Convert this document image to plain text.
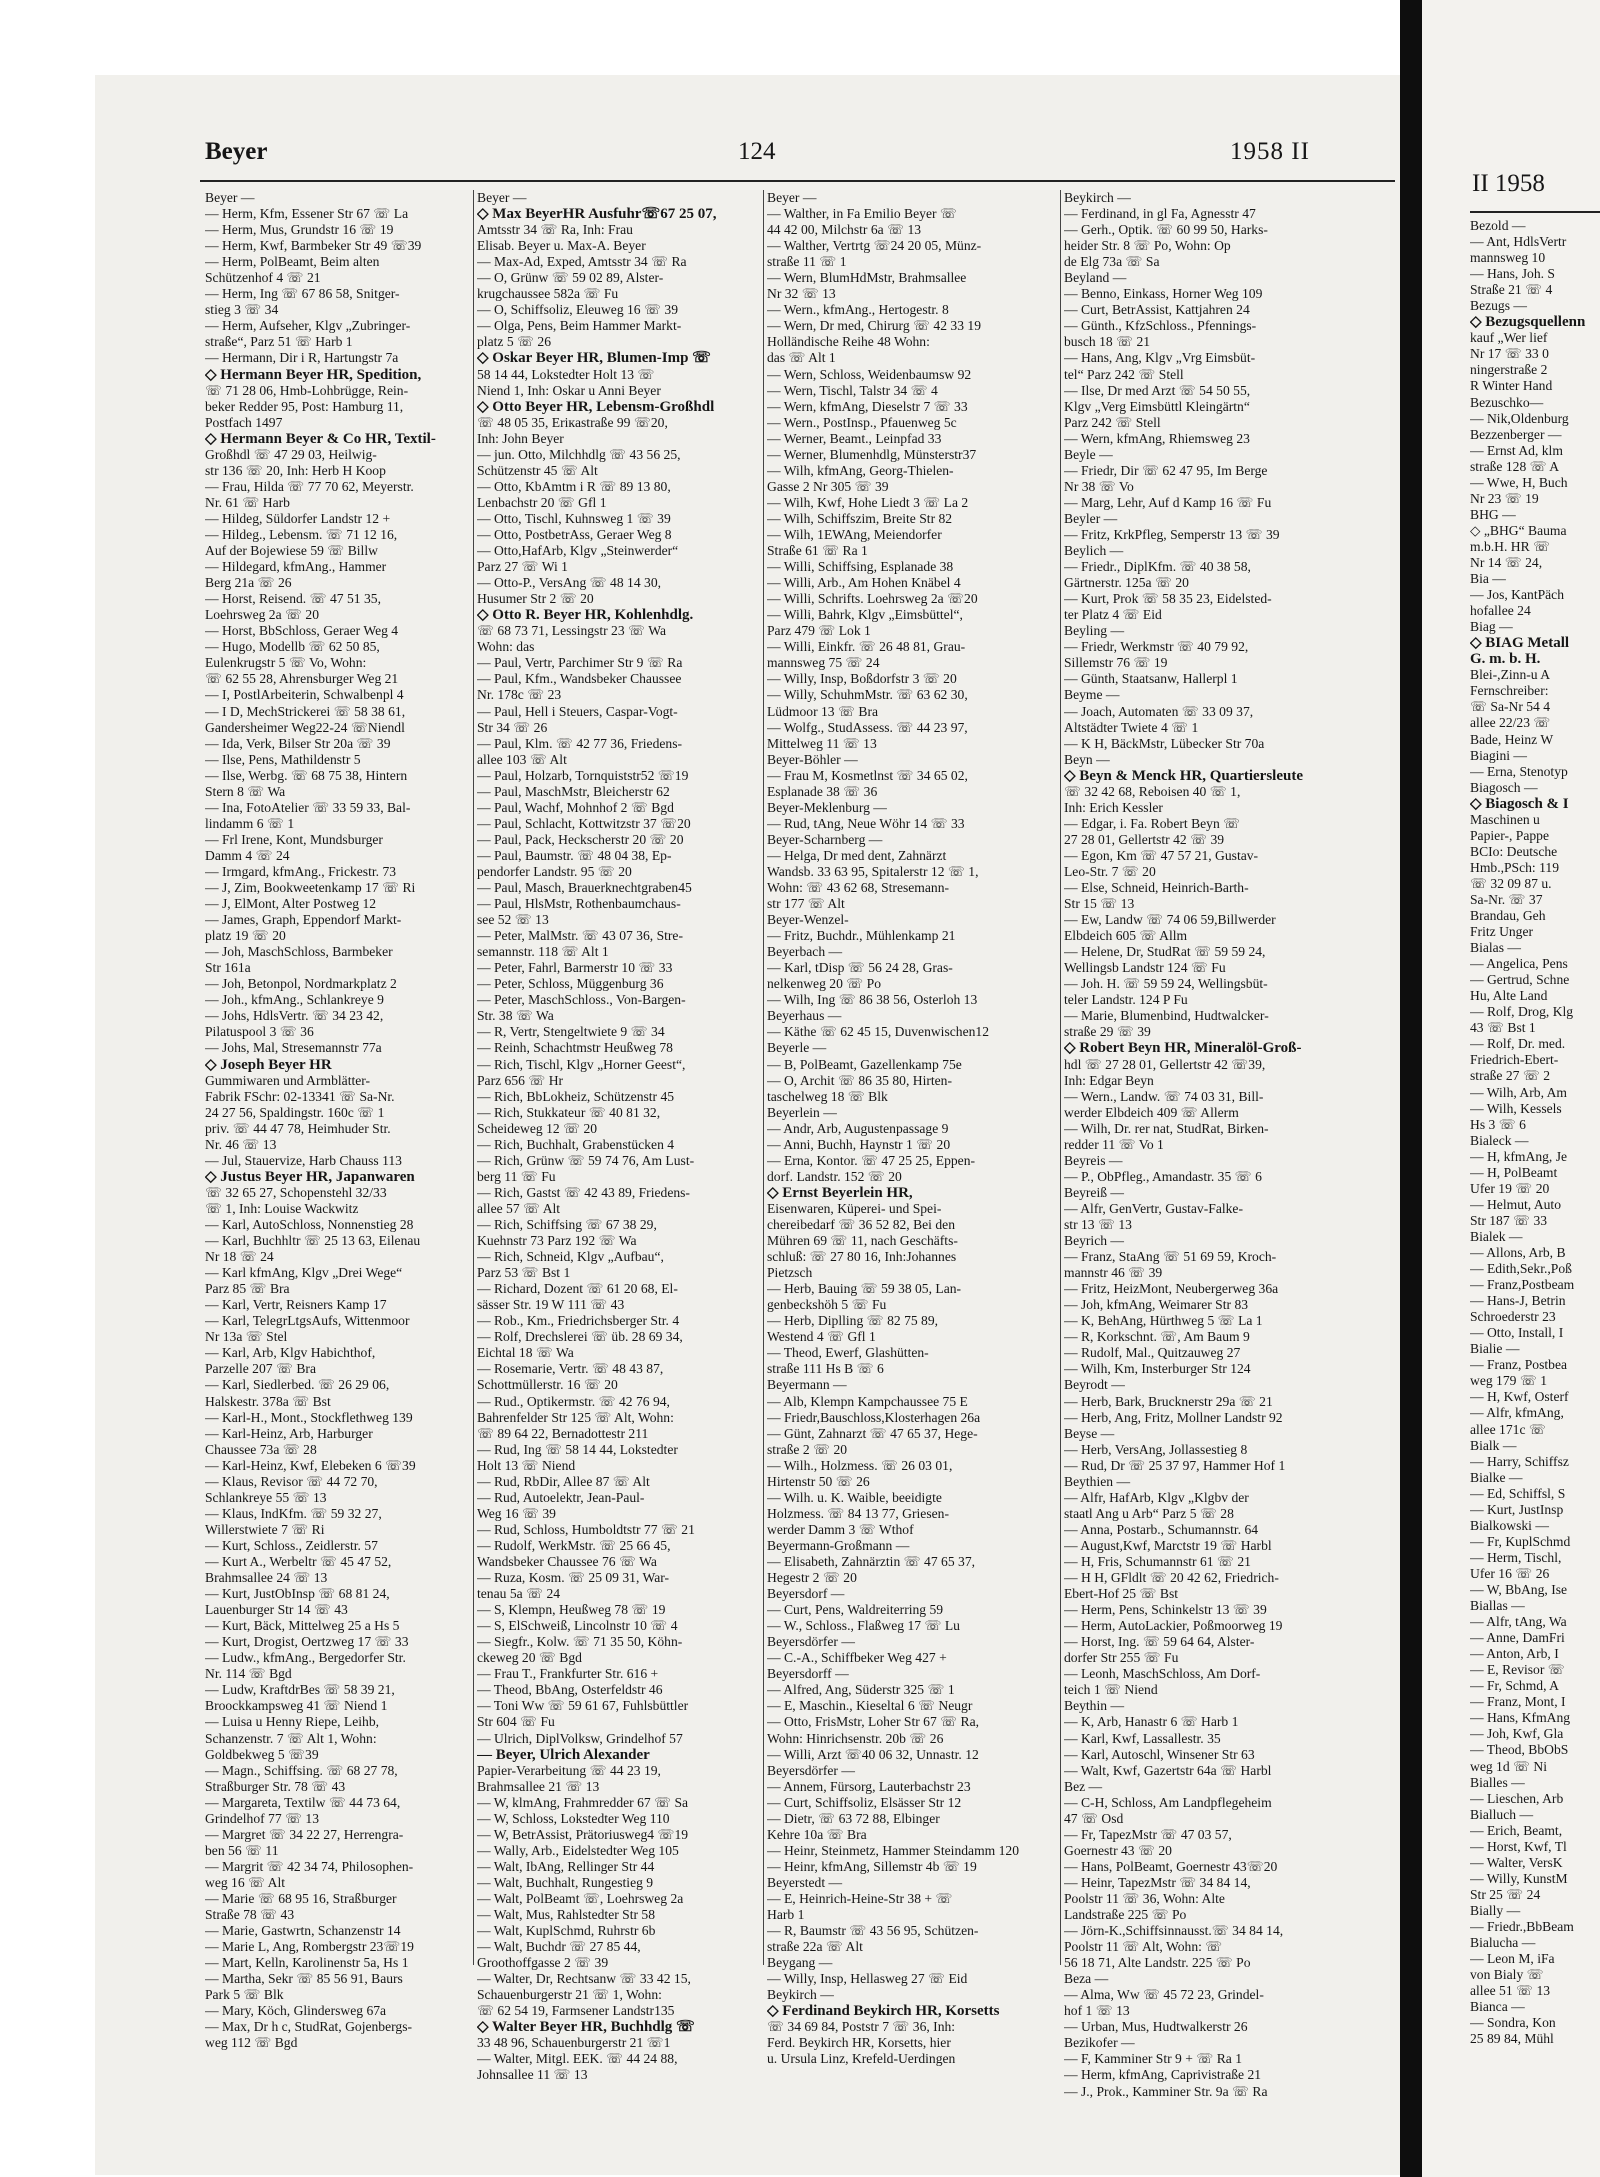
Beyer	124	1958 II
Beyer —
— Herm, Kfm, Essener Str 67 ☏ La
— Herm, Mus, Grundstr 16 ☏ 19
— Herm, Kwf, Barmbeker Str 49 ☏39
— Herm, PolBeamt, Beim alten
Schützenhof 4 ☏ 21
— Herm, Ing ☏ 67 86 58, Snitger-
stieg 3 ☏ 34
— Herm, Aufseher, Klgv „Zubringer-
straße“, Parz 51 ☏ Harb 1
— Hermann, Dir i R, Hartungstr 7a
◇ Hermann Beyer HR, Spedition,
☏ 71 28 06, Hmb-Lohbrügge, Rein-
beker Redder 95, Post: Hamburg 11,
Postfach 1497
◇ Hermann Beyer & Co HR, Textil-
Großhdl ☏ 47 29 03, Heilwig-
str 136 ☏ 20, Inh: Herb H Koop
— Frau, Hilda ☏ 77 70 62, Meyerstr.
Nr. 61 ☏ Harb
— Hildeg, Süldorfer Landstr 12 +
— Hildeg., Lebensm. ☏ 71 12 16,
Auf der Bojewiese 59 ☏ Billw
— Hildegard, kfmAng., Hammer
Berg 21a ☏ 26
— Horst, Reisend. ☏ 47 51 35,
Loehrsweg 2a ☏ 20
— Horst, BbSchloss, Geraer Weg 4
— Hugo, Modellb ☏ 62 50 85,
Eulenkrugstr 5 ☏ Vo, Wohn:
☏ 62 55 28, Ahrensburger Weg 21
— I, PostlArbeiterin, Schwalbenpl 4
— I D, MechStrickerei ☏ 58 38 61,
Gandersheimer Weg22-24 ☏Niendl
— Ida, Verk, Bilser Str 20a ☏ 39
— Ilse, Pens, Mathildenstr 5
— Ilse, Werbg. ☏ 68 75 38, Hintern
Stern 8 ☏ Wa
— Ina, FotoAtelier ☏ 33 59 33, Bal-
lindamm 6 ☏ 1
— Frl Irene, Kont, Mundsburger
Damm 4 ☏ 24
— Irmgard, kfmAng., Frickestr. 73
— J, Zim, Bookweetenkamp 17 ☏ Ri
— J, ElMont, Alter Postweg 12
— James, Graph, Eppendorf Markt-
platz 19 ☏ 20
— Joh, MaschSchloss, Barmbeker
Str 161a
— Joh, Betonpol, Nordmarkplatz 2
— Joh., kfmAng., Schlankreye 9
— Johs, HdlsVertr. ☏ 34 23 42,
Pilatuspool 3 ☏ 36
— Johs, Mal, Stresemannstr 77a
◇ Joseph Beyer HR
Gummiwaren und Armblätter-
Fabrik FSchr: 02-13341 ☏ Sa-Nr.
24 27 56, Spaldingstr. 160c ☏ 1
priv. ☏ 44 47 78, Heimhuder Str.
Nr. 46 ☏ 13
— Jul, Stauervize, Harb Chauss 113
◇ Justus Beyer HR, Japanwaren
☏ 32 65 27, Schopenstehl 32/33
☏ 1, Inh: Louise Wackwitz
— Karl, AutoSchloss, Nonnenstieg 28
— Karl, Buchhltr ☏ 25 13 63, Eilenau
Nr 18 ☏ 24
— Karl kfmAng, Klgv „Drei Wege“
Parz 85 ☏ Bra
— Karl, Vertr, Reisners Kamp 17
— Karl, TelegrLtgsAufs, Wittenmoor
Nr 13a ☏ Stel
— Karl, Arb, Klgv Habichthof,
Parzelle 207 ☏ Bra
— Karl, Siedlerbed. ☏ 26 29 06,
Halskestr. 378a ☏ Bst
— Karl-H., Mont., Stockflethweg 139
— Karl-Heinz, Arb, Harburger
Chaussee 73a ☏ 28
— Karl-Heinz, Kwf, Elebeken 6 ☏39
— Klaus, Revisor ☏ 44 72 70,
Schlankreye 55 ☏ 13
— Klaus, IndKfm. ☏ 59 32 27,
Willerstwiete 7 ☏ Ri
— Kurt, Schloss., Zeidlerstr. 57
— Kurt A., Werbeltr ☏ 45 47 52,
Brahmsallee 24 ☏ 13
— Kurt, JustObInsp ☏ 68 81 24,
Lauenburger Str 14 ☏ 43
— Kurt, Bäck, Mittelweg 25 a Hs 5
— Kurt, Drogist, Oertzweg 17 ☏ 33
— Ludw., kfmAng., Bergedorfer Str.
Nr. 114 ☏ Bgd
— Ludw, KraftdrBes ☏ 58 39 21,
Broockkampsweg 41 ☏ Niend 1
— Luisa u Henny Riepe, Leihb,
Schanzenstr. 7 ☏ Alt 1, Wohn:
Goldbekweg 5 ☏39
— Magn., Schiffsing. ☏ 68 27 78,
Straßburger Str. 78 ☏ 43
— Margareta, Textilw ☏ 44 73 64,
Grindelhof 77 ☏ 13
— Margret ☏ 34 22 27, Herrengra-
ben 56 ☏ 11
— Margrit ☏ 42 34 74, Philosophen-
weg 16 ☏ Alt
— Marie ☏ 68 95 16, Straßburger
Straße 78 ☏ 43
— Marie, Gastwrtn, Schanzenstr 14
— Marie L, Ang, Rombergstr 23☏19
— Mart, Kelln, Karolinenstr 5a, Hs 1
— Martha, Sekr ☏ 85 56 91, Baurs
Park 5 ☏ Blk
— Mary, Köch, Glindersweg 67a
— Max, Dr h c, StudRat, Gojenbergs-
weg 112 ☏ Bgd
Beyer —
◇ Max BeyerHR Ausfuhr☏67 25 07,
Amtsstr 34 ☏ Ra, Inh: Frau
Elisab. Beyer u. Max-A. Beyer
— Max-Ad, Exped, Amtsstr 34 ☏ Ra
— O, Grünw ☏ 59 02 89, Alster-
krugchaussee 582a ☏ Fu
— O, Schiffsoliz, Eleuweg 16 ☏ 39
— Olga, Pens, Beim Hammer Markt-
platz 5 ☏ 26
◇ Oskar Beyer HR, Blumen-Imp ☏
58 14 44, Lokstedter Holt 13 ☏
Niend 1, Inh: Oskar u Anni Beyer
◇ Otto Beyer HR, Lebensm-Großhdl
☏ 48 05 35, Eriкastraße 99 ☏20,
Inh: John Beyer
— jun. Otto, Milchhdlg ☏ 43 56 25,
Schützenstr 45 ☏ Alt
— Otto, KbAmtm i R ☏ 89 13 80,
Lenbachstr 20 ☏ Gfl 1
— Otto, Tischl, Kuhnsweg 1 ☏ 39
— Otto, PostbetrAss, Geraer Weg 8
— Otto,HafArb, Klgv „Steinwerder“
Parz 27 ☏ Wi 1
— Otto-P., VersAng ☏ 48 14 30,
Husumer Str 2 ☏ 20
◇ Otto R. Beyer HR, Kohlenhdlg.
☏ 68 73 71, Lessingstr 23 ☏ Wa
Wohn: das
— Paul, Vertr, Parchimer Str 9 ☏ Ra
— Paul, Kfm., Wandsbeker Chaussee
Nr. 178c ☏ 23
— Paul, Hell i Steuers, Caspar-Vogt-
Str 34 ☏ 26
— Paul, Klm. ☏ 42 77 36, Friedens-
allee 103 ☏ Alt
— Paul, Holzarb, Tornquiststr52 ☏19
— Paul, MaschMstr, Bleicherstr 62
— Paul, Wachf, Mohnhof 2 ☏ Bgd
— Paul, Schlacht, Kottwitzstr 37 ☏20
— Paul, Pack, Heckscherstr 20 ☏ 20
— Paul, Baumstr. ☏ 48 04 38, Ep-
pendorfer Landstr. 95 ☏ 20
— Paul, Masch, Brauerknechtgraben45
— Paul, HlsMstr, Rothenbaumchaus-
see 52 ☏ 13
— Peter, MalMstr. ☏ 43 07 36, Stre-
semannstr. 118 ☏ Alt 1
— Peter, Fahrl, Barmerstr 10 ☏ 33
— Peter, Schloss, Müggenburg 36
— Peter, MaschSchloss., Von-Bargen-
Str. 38 ☏ Wa
— R, Vertr, Stengeltwiete 9 ☏ 34
— Reinh, Schachtmstr Heußweg 78
— Rich, Tischl, Klgv „Horner Geest“,
Parz 656 ☏ Hr
— Rich, BbLokheiz, Schützenstr 45
— Rich, Stukkateur ☏ 40 81 32,
Scheideweg 12 ☏ 20
— Rich, Buchhalt, Grabenstücken 4
— Rich, Grünw ☏ 59 74 76, Am Lust-
berg 11 ☏ Fu
— Rich, Gastst ☏ 42 43 89, Friedens-
allee 57 ☏ Alt
— Rich, Schiffsing ☏ 67 38 29,
Kuehnstr 73 Parz 192 ☏ Wa
— Rich, Schneid, Klgv „Aufbau“,
Parz 53 ☏ Bst 1
— Richard, Dozent ☏ 61 20 68, El-
sässer Str. 19 W 111 ☏ 43
— Rob., Km., Friedrichsberger Str. 4
— Rolf, Drechslerei ☏ üb. 28 69 34,
Eichtal 18 ☏ Wa
— Rosemarie, Vertr. ☏ 48 43 87,
Schottmüllerstr. 16 ☏ 20
— Rud., Optikermstr. ☏ 42 76 94,
Bahrenfelder Str 125 ☏ Alt, Wohn:
☏ 89 64 22, Bernadottestr 211
— Rud, Ing ☏ 58 14 44, Lokstedter
Holt 13 ☏ Niend
— Rud, RbDir, Allee 87 ☏ Alt
— Rud, Autoelektr, Jean-Paul-
Weg 16 ☏ 39
— Rud, Schloss, Humboldtstr 77 ☏ 21
— Rudolf, WerkMstr. ☏ 25 66 45,
Wandsbeker Chaussee 76 ☏ Wa
— Ruza, Kosm. ☏ 25 09 31, War-
tenau 5a ☏ 24
— S, Klempn, Heußweg 78 ☏ 19
— S, ElSchweiß, Lincolnstr 10 ☏ 4
— Siegfr., Kolw. ☏ 71 35 50, Köhn-
ckeweg 20 ☏ Bgd
— Frau T., Frankfurter Str. 616 +
— Theod, BbAng, Osterfeldstr 46
— Toni Ww ☏ 59 61 67, Fuhlsbüttler
Str 604 ☏ Fu
— Ulrich, DiplVolksw, Grindelhof 57
— Beyer, Ulrich Alexander
Papier-Verarbeitung ☏ 44 23 19,
Brahmsallee 21 ☏ 13
— W, klmAng, Frahmredder 67 ☏ Sa
— W, Schloss, Lokstedter Weg 110
— W, BetrAssist, Prätoriusweg4 ☏19
— Wally, Arb., Eidelstedter Weg 105
— Walt, IbAng, Rellinger Str 44
— Walt, Buchhalt, Rungestieg 9
— Walt, PolBeamt ☏, Loehrsweg 2a
— Walt, Mus, Rahlstedter Str 58
— Walt, KuplSchmd, Ruhrstr 6b
— Walt, Buchdr ☏ 27 85 44,
Groothoffgasse 2 ☏ 39
— Walter, Dr, Rechtsanw ☏ 33 42 15,
Schauenburgerstr 21 ☏ 1, Wohn:
☏ 62 54 19, Farmsener Landstr135
◇ Walter Beyer HR, Buchhdlg ☏
33 48 96, Schauenburgerstr 21 ☏1
— Walter, Mitgl. EEK. ☏ 44 24 88,
Johnsallee 11 ☏ 13
Beyer —
— Walther, in Fa Emilio Beyer ☏
44 42 00, Milchstr 6a ☏ 13
— Walther, Vertrtg ☏24 20 05, Münz-
straße 11 ☏ 1
— Wern, BlumHdMstr, Brahmsallee
Nr 32 ☏ 13
— Wern., kfmAng., Hertogestr. 8
— Wern, Dr med, Chirurg ☏ 42 33 19
Holländische Reihe 48 Wohn:
das ☏ Alt 1
— Wern, Schloss, Weidenbaumsw 92
— Wern, Tischl, Talstr 34 ☏ 4
— Wern, kfmAng, Dieselstr 7 ☏ 33
— Wern., PostInsp., Pfauenweg 5c
— Werner, Beamt., Leinpfad 33
— Werner, Blumenhdlg, Münsterstr37
— Wilh, kfmAng, Georg-Thielen-
Gasse 2 Nr 305 ☏ 39
— Wilh, Kwf, Hohe Liedt 3 ☏ La 2
— Wilh, Schiffszim, Breite Str 82
— Wilh, 1EWAng, Meiendorfer
Straße 61 ☏ Ra 1
— Willi, Schiffsing, Esplanade 38
— Willi, Arb., Am Hohen Knäbel 4
— Willi, Schrifts. Loehrsweg 2a ☏20
— Willi, Bahrk, Klgv „Eimsbüttel“,
Parz 479 ☏ Lok 1
— Willi, Einkfr. ☏ 26 48 81, Grau-
mannsweg 75 ☏ 24
— Willy, Insp, Boßdorfstr 3 ☏ 20
— Willy, SchuhmMstr. ☏ 63 62 30,
Lüdmoor 13 ☏ Bra
— Wolfg., StudAssess. ☏ 44 23 97,
Mittelweg 11 ☏ 13
Beyer-Böhler —
— Frau M, Kosmetlnst ☏ 34 65 02,
Esplanade 38 ☏ 36
Beyer-Meklenburg —
— Rud, tAng, Neue Wöhr 14 ☏ 33
Beyer-Scharnberg —
— Helga, Dr med dent, Zahnärzt
Wandsb. 33 63 95, Spitalerstr 12 ☏ 1,
Wohn: ☏ 43 62 68, Stresemann-
str 177 ☏ Alt
Beyer-Wenzel-
— Fritz, Buchdr., Mühlenkamp 21
Beyerbach —
— Karl, tDisp ☏ 56 24 28, Gras-
nelkenweg 20 ☏ Po
— Wilh, Ing ☏ 86 38 56, Osterloh 13
Beyerhaus —
— Käthe ☏ 62 45 15, Duvenwischen12
Beyerle —
— B, PolBeamt, Gazellenkamp 75e
— O, Archit ☏ 86 35 80, Hirten-
taschelweg 18 ☏ Blk
Beyerlein —
— Andr, Arb, Augustenpassage 9
— Anni, Buchh, Haynstr 1 ☏ 20
— Erna, Kontor. ☏ 47 25 25, Eppen-
dorf. Landstr. 152 ☏ 20
◇ Ernst Beyerlein HR,
Eisenwaren, Küperei- und Spei-
chereibedarf ☏ 36 52 82, Bei den
Mühren 69 ☏ 11, nach Geschäfts-
schluß: ☏ 27 80 16, Inh:Johannes
Pietzsch
— Herb, Bauing ☏ 59 38 05, Lan-
genbeckshöh 5 ☏ Fu
— Herb, Diplling ☏ 82 75 89,
Westend 4 ☏ Gfl 1
— Theod, Ewerf, Glashütten-
straße 111 Hs B ☏ 6
Beyermann —
— Alb, Klempn Kampchaussee 75 E
— Friedr,Bauschloss,Klosterhagen 26a
— Günt, Zahnarzt ☏ 47 65 37, Hege-
straße 2 ☏ 20
— Wilh., Holzmess. ☏ 26 03 01,
Hirtenstr 50 ☏ 26
— Wilh. u. K. Waible, beeidigte
Holzmess. ☏ 84 13 77, Griesen-
werder Damm 3 ☏ Wthof
Beyermann-Großmann —
— Elisabeth, Zahnärztin ☏ 47 65 37,
Hegestr 2 ☏ 20
Beyersdorf —
— Curt, Pens, Waldreiterring 59
— W., Schloss., Flaßweg 17 ☏ Lu
Beyersdörfer —
— C.-A., Schiffbeker Weg 427 +
Beyersdorff —
— Alfred, Ang, Süderstr 325 ☏ 1
— E, Maschin., Kieseltal 6 ☏ Neugr
— Otto, FrisMstr, Loher Str 67 ☏ Ra,
Wohn: Hinrichsenstr. 20b ☏ 26
— Willi, Arzt ☏40 06 32, Unnastr. 12
Beyersdörfer —
— Annem, Fürsorg, Lauterbachstr 23
— Curt, Schiffsoliz, Elsässer Str 12
— Dietr, ☏ 63 72 88, Elbinger
Kehre 10a ☏ Bra
— Heinr, Steinmetz, Hammer Steindamm 120
— Heinr, kfmAng, Sillemstr 4b ☏ 19
Beyerstedt —
— E, Heinrich-Heine-Str 38 + ☏
Harb 1
— R, Baumstr ☏ 43 56 95, Schützen-
straße 22a ☏ Alt
Beygang —
— Willy, Insp, Hellasweg 27 ☏ Eid
Beykirch —
◇ Ferdinand Beykirch HR, Korsetts
☏ 34 69 84, Poststr 7 ☏ 36, Inh:
Ferd. Beykirch HR, Korsetts, hier
u. Ursula Linz, Krefeld-Uerdingen
Beykirch —
— Ferdinand, in gl Fa, Agnesstr 47
— Gerh., Optik. ☏ 60 99 50, Harks-
heider Str. 8 ☏ Po, Wohn: Op
de Elg 73a ☏ Sa
Beyland —
— Benno, Einkass, Horner Weg 109
— Curt, BetrAssist, Kattjahren 24
— Günth., KfzSchloss., Pfennings-
busch 18 ☏ 21
— Hans, Ang, Klgv „Vrg Eimsbüt-
tel“ Parz 242 ☏ Stell
— Ilse, Dr med Arzt ☏ 54 50 55,
Klgv „Verg Eimsbüttl Kleingärtn“
Parz 242 ☏ Stell
— Wern, kfmAng, Rhiemsweg 23
Beyle —
— Friedr, Dir ☏ 62 47 95, Im Berge
Nr 38 ☏ Vo
— Marg, Lehr, Auf d Kamp 16 ☏ Fu
Beyler —
— Fritz, KrkPfleg, Semperstr 13 ☏ 39
Beylich —
— Friedr., DiplKfm. ☏ 40 38 58,
Gärtnerstr. 125a ☏ 20
— Kurt, Prok ☏ 58 35 23, Eidelsted-
ter Platz 4 ☏ Eid
Beyling —
— Friedr, Werkmstr ☏ 40 79 92,
Sillemstr 76 ☏ 19
— Günth, Staatsanw, Hallerpl 1
Beyme —
— Joach, Automaten ☏ 33 09 37,
Altstädter Twiete 4 ☏ 1
— K H, BäckMstr, Lübecker Str 70a
Beyn —
◇ Beyn & Menck HR, Quartiersleute
☏ 32 42 68, Reboisen 40 ☏ 1,
Inh: Erich Kessler
— Edgar, i. Fa. Robert Beyn ☏
27 28 01, Gellertstr 42 ☏ 39
— Egon, Km ☏ 47 57 21, Gustav-
Leo-Str. 7 ☏ 20
— Else, Schneid, Heinrich-Barth-
Str 15 ☏ 13
— Ew, Landw ☏ 74 06 59,Billwerder
Elbdeich 605 ☏ Allm
— Helene, Dr, StudRat ☏ 59 59 24,
Wellingsb Landstr 124 ☏ Fu
— Joh. H. ☏ 59 59 24, Wellingsbüt-
teler Landstr. 124 P Fu
— Marie, Blumenbind, Hudtwalcker-
straße 29 ☏ 39
◇ Robert Beyn HR, Mineralöl-Groß-
hdl ☏ 27 28 01, Gellertstr 42 ☏39,
Inh: Edgar Beyn
— Wern., Landw. ☏ 74 03 31, Bill-
werder Elbdeich 409 ☏ Allerm
— Wilh, Dr. rer nat, StudRat, Birken-
redder 11 ☏ Vo 1
Beyreis —
— P., ObPfleg., Amandastr. 35 ☏ 6
Beyreiß —
— Alfr, GenVertr, Gustav-Falke-
str 13 ☏ 13
Beyrich —
— Franz, StaAng ☏ 51 69 59, Kroch-
mannstr 46 ☏ 39
— Fritz, HeizMont, Neubergerweg 36a
— Joh, kfmAng, Weimarer Str 83
— K, BehAng, Hürthweg 5 ☏ La 1
— R, Korkschnt. ☏, Am Baum 9
— Rudolf, Mal., Quitzauweg 27
— Wilh, Km, Insterburger Str 124
Beyrodt —
— Herb, Bark, Brucknerstr 29a ☏ 21
— Herb, Ang, Fritz, Mollner Landstr 92
Beyse —
— Herb, VersAng, Jollassestieg 8
— Rud, Dr ☏ 25 37 97, Hammer Hof 1
Beythien —
— Alfr, HafArb, Klgv „Klgbv der
staatl Ang u Arb“ Parz 5 ☏ 28
— Anna, Postarb., Schumannstr. 64
— August,Kwf, Marctstr 19 ☏ Harbl
— H, Fris, Schumannstr 61 ☏ 21
— H H, GFldlt ☏ 20 42 62, Friedrich-
Ebert-Hof 25 ☏ Bst
— Herm, Pens, Schinkelstr 13 ☏ 39
— Herm, AutoLackier, Poßmoorweg 19
— Horst, Ing. ☏ 59 64 64, Alster-
dorfer Str 255 ☏ Fu
— Leonh, MaschSchloss, Am Dorf-
teich 1 ☏ Niend
Beythin —
— K, Arb, Hanastr 6 ☏ Harb 1
— Karl, Kwf, Lassallestr. 35
— Karl, Autoschl, Winsener Str 63
— Walt, Kwf, Gazertstr 64a ☏ Harbl
Bez —
— C-H, Schloss, Am Landpflegeheim
47 ☏ Osd
— Fr, TapezMstr ☏ 47 03 57,
Goernestr 43 ☏ 20
— Hans, PolBeamt, Goernestr 43☏20
— Heinr, TapezMstr ☏ 34 84 14,
Poolstr 11 ☏ 36, Wohn: Alte
Landstraße 225 ☏ Po
— Jörn-K.,Schiffsinnausst.☏ 34 84 14,
Poolstr 11 ☏ Alt, Wohn: ☏
56 18 71, Alte Landstr. 225 ☏ Po
Beza —
— Alma, Ww ☏ 45 72 23, Grindel-
hof 1 ☏ 13
— Urban, Mus, Hudtwalkerstr 26
Bezikofer —
— F, Kamminer Str 9 + ☏ Ra 1
— Herm, kfmAng, Caprivistraße 21
— J., Prok., Kamminer Str. 9a ☏ Ra
II 1958
Bezold —
— Ant, HdlsVertr
mannsweg 10
— Hans, Joh. S
Straße 21 ☏ 4
Bezugs —
◇ Bezugsquellenn
kauf „Wer lief
Nr 17 ☏ 33 0
ningerstraße 2
R Winter Hand
Bezuschko—
— Nik,Oldenburg
Bezzenberger —
— Ernst Ad, klm
straße 128 ☏ A
— Wwe, H, Buch
Nr 23 ☏ 19
BHG —
◇ „BHG“ Bauma
m.b.H. HR ☏
Nr 14 ☏ 24,
Bia —
— Jos, KantPäch
hofallee 24
Biag —
◇ BIAG Metall
G. m. b. H.
Blei-,Zinn-u A
Fernschreiber:
☏ Sa-Nr 54 4
allee 22/23 ☏
Bade, Heinz W
Biagini —
— Erna, Stenotyp
Biagosch —
◇ Biagosch & I
Maschinen u
Papier-, Pappe
BCIo: Deutsche
Hmb.,PSch: 119
☏ 32 09 87 u.
Sa-Nr. ☏ 37
Brandau, Geh
Fritz Unger
Bialas —
— Angelica, Pens
— Gertrud, Schne
Hu, Alte Land
— Rolf, Drog, Klg
43 ☏ Bst 1
— Rolf, Dr. med.
Friedrich-Ebert-
straße 27 ☏ 2
— Wilh, Arb, Am
— Wilh, Kessels
Hs 3 ☏ 6
Bialeck —
— H, kfmAng, Je
— H, PolBeamt
Ufer 19 ☏ 20
— Helmut, Auto
Str 187 ☏ 33
Bialek —
— Allons, Arb, B
— Edith,Sekr.,Poß
— Franz,Postbeam
— Hans-J, Betrin
Schroederstr 23
— Otto, Install, I
Bialie —
— Franz, Postbea
weg 179 ☏ 1
— H, Kwf, Osterf
— Alfr, kfmAng,
allee 171c ☏
Bialk —
— Harry, Schiffsz
Bialke —
— Ed, Schiffsl, S
— Kurt, JustInsp
Bialkowski —
— Fr, KuplSchmd
— Herm, Tischl,
Ufer 16 ☏ 26
— W, BbAng, Ise
Biallas —
— Alfr, tAng, Wa
— Anne, DamFri
— Anton, Arb, I
— E, Revisor ☏
— Fr, Schmd, A
— Franz, Mont, I
— Hans, KfmAng
— Joh, Kwf, Gla
— Theod, BbObS
weg 1d ☏ Ni
Bialles —
— Lieschen, Arb
Bialluch —
— Erich, Beamt,
— Horst, Kwf, Tl
— Walter, VersK
— Willy, KunstM
Str 25 ☏ 24
Bially —
— Friedr.,BbBeam
Bialucha —
— Leon M, iFa
von Bialy ☏
allee 51 ☏ 13
Bianca —
— Sondra, Kon
25 89 84, Mühl
